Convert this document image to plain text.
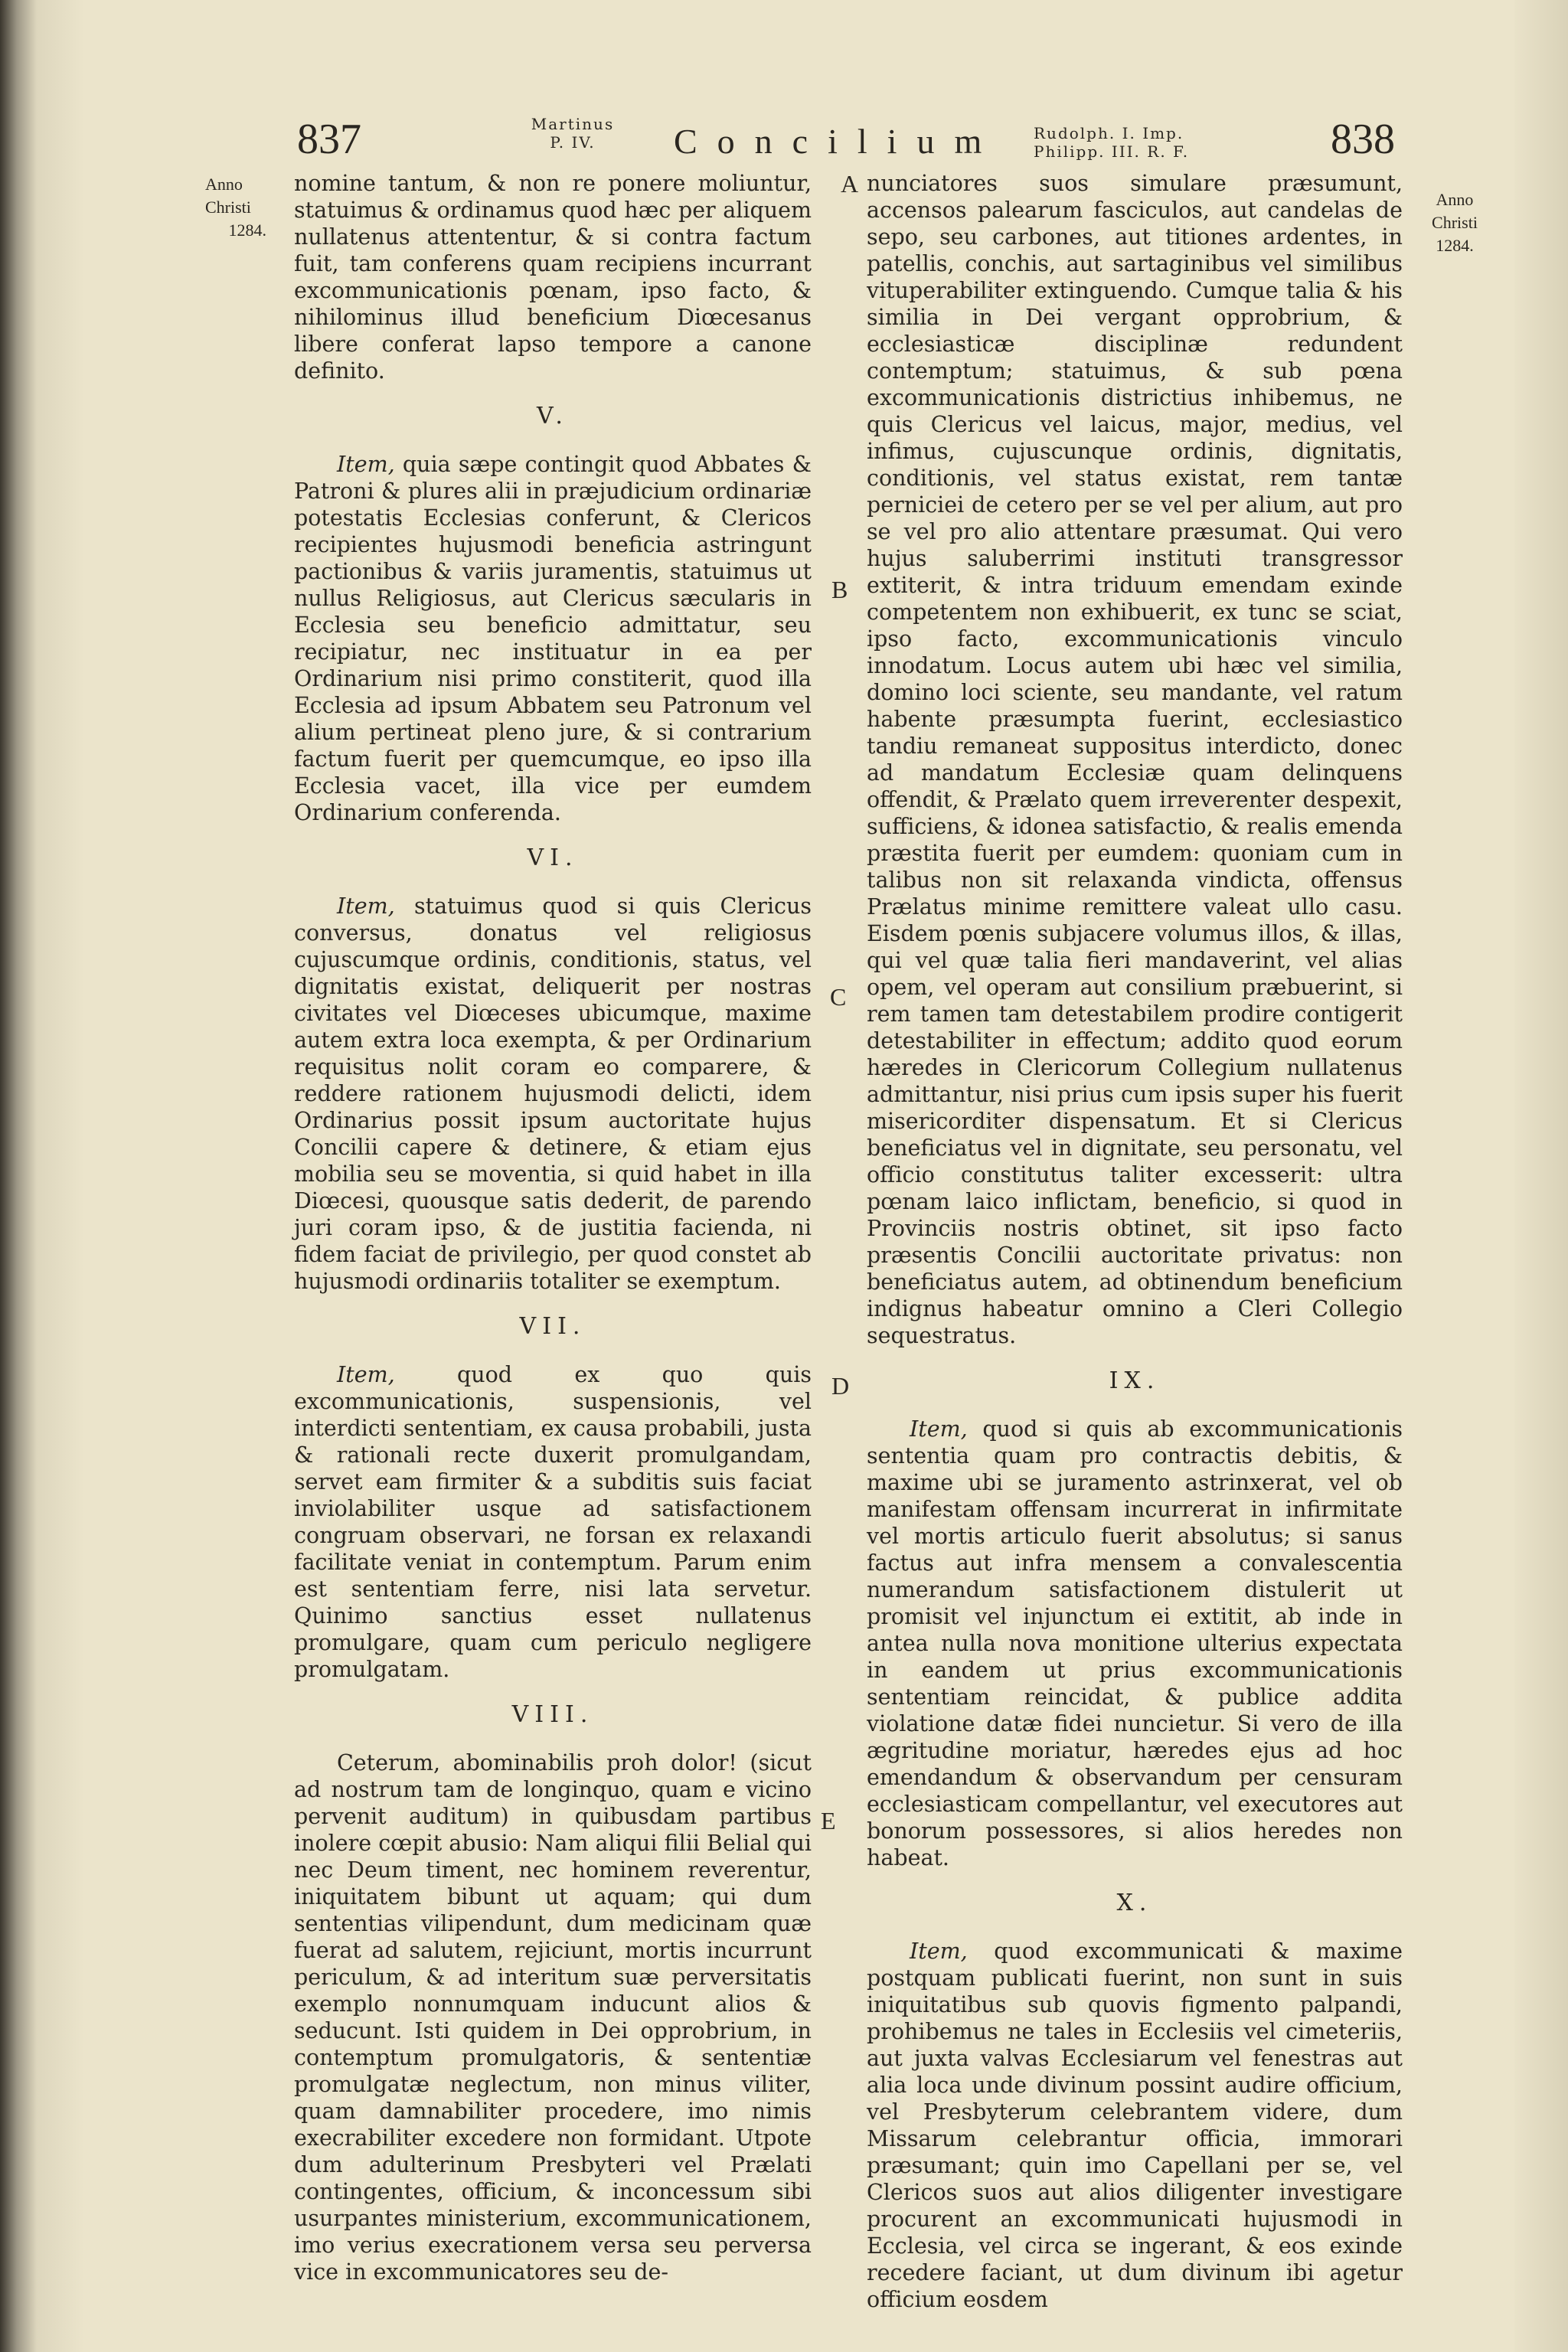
837	Martinus
P. IV.	Concilium Rudolph. I. Imp.
Philipp. III. R. F.	838
Anno
Christi
1284.
Anno
Christi
1284.
A
B
C
D
E

nomine tantum, & non re ponere moliuntur, statuimus & ordinamus quod hæc per aliquem nullatenus attententur, & si contra factum fuit, tam conferens quam recipiens incurrant excommunicationis pœnam, ipso facto, & nihilominus illud beneficium Diœcesanus libere conferat lapso tempore a canone definito.

V.

Item, quia sæpe contingit quod Abbates & Patroni & plures alii in præjudicium ordinariæ potestatis Ecclesias conferunt, & Clericos recipientes hujusmodi beneficia astringunt pactionibus & variis juramentis, statuimus ut nullus Religiosus, aut Clericus sæcularis in Ecclesia seu beneficio admittatur, seu recipiatur, nec instituatur in ea per Ordinarium nisi primo constiterit, quod illa Ecclesia ad ipsum Abbatem seu Patronum vel alium pertineat pleno jure, & si contrarium factum fuerit per quemcumque, eo ipso illa Ecclesia vacet, illa vice per eumdem Ordinarium conferenda.

VI.

Item, statuimus quod si quis Clericus conversus, donatus vel religiosus cujuscumque ordinis, conditionis, status, vel dignitatis existat, deliquerit per nostras civitates vel Diœceses ubicumque, maxime autem extra loca exempta, & per Ordinarium requisitus nolit coram eo comparere, & reddere rationem hujusmodi delicti, idem Ordinarius possit ipsum auctoritate hujus Concilii capere & detinere, & etiam ejus mobilia seu se moventia, si quid habet in illa Diœcesi, quousque satis dederit, de parendo juri coram ipso, & de justitia facienda, ni fidem faciat de privilegio, per quod constet ab hujusmodi ordinariis totaliter se exemptum.

VII.

Item,	quod ex quo quis excommunicationis, suspensionis, vel interdicti sententiam, ex causa probabili, justa & rationali recte duxerit promulgandam, servet eam firmiter & a subditis suis faciat inviolabiliter usque ad satisfactionem congruam observari, ne forsan ex relaxandi facilitate veniat in contemptum. Parum enim est sententiam ferre, nisi lata servetur. Quinimo sanctius esset nullatenus promulgare, quam cum periculo negligere promulgatam.

VIII.

Ceterum, abominabilis proh dolor! (sicut ad nostrum tam de longinquo, quam e vicino pervenit auditum) in quibusdam partibus inolere cœpit abusio: Nam aliqui filii Belial qui nec Deum timent, nec hominem reverentur, iniquitatem bibunt ut aquam; qui dum sententias vilipendunt, dum medicinam quæ fuerat ad salutem, rejiciunt, mortis incurrunt periculum, & ad interitum suæ perversitatis exemplo nonnumquam inducunt alios & seducunt. Isti quidem in Dei opprobrium, in contemptum promulgatoris, & sententiæ promulgatæ neglectum, non minus viliter, quam damnabiliter procedere, imo nimis execrabiliter excedere non formidant. Utpote dum adulterinum Presbyteri vel Prælati contingentes, officium, & inconcessum sibi usurpantes ministerium, excommunicationem, imo verius execrationem versa seu perversa vice in excommunicatores seu de-

nunciatores suos simulare præsumunt, accensos palearum fasciculos, aut candelas de sepo, seu carbones, aut titiones ardentes, in patellis, conchis, aut sartaginibus vel similibus vituperabiliter extinguendo. Cumque talia & his similia in Dei vergant opprobrium, & ecclesiasticæ disciplinæ redundent contemptum; statuimus, & sub pœna excommunicationis districtius inhibemus, ne quis Clericus vel laicus, major, medius, vel infimus, cujuscunque ordinis, dignitatis, conditionis, vel status existat, rem tantæ perniciei de cetero per se vel per alium, aut pro se vel pro alio attentare præsumat. Qui vero hujus saluberrimi instituti transgressor extiterit, & intra triduum emendam exinde competentem non exhibuerit, ex tunc se sciat, ipso facto, excommunicationis vinculo innodatum. Locus autem ubi hæc vel similia, domino loci sciente, seu mandante, vel ratum habente præsumpta fuerint, ecclesiastico tandiu remaneat suppositus interdicto, donec ad mandatum Ecclesiæ quam delinquens offendit, & Prælato quem irreverenter despexit, sufficiens, & idonea satisfactio, & realis emenda præstita fuerit per eumdem: quoniam cum in talibus non sit relaxanda vindicta, offensus Prælatus minime remittere valeat ullo casu. Eisdem pœnis subjacere volumus illos, & illas, qui vel quæ talia fieri mandaverint, vel alias opem, vel operam aut consilium præbuerint, si rem tamen tam detestabilem prodire contigerit detestabiliter in effectum; addito quod eorum hæredes in Clericorum Collegium nullatenus admittantur, nisi prius cum ipsis super his fuerit misericorditer dispensatum. Et si Clericus beneficiatus vel in dignitate, seu personatu, vel officio constitutus taliter excesserit: ultra pœnam laico inflictam, beneficio, si quod in Provinciis nostris obtinet, sit ipso facto præsentis Concilii auctoritate privatus: non beneficiatus autem, ad obtinendum beneficium indignus habeatur omnino a Cleri Collegio sequestratus.

IX.

Item, quod si quis ab excommunicationis sententia quam pro contractis debitis, & maxime ubi se juramento astrinxerat, vel ob manifestam offensam incurrerat in infirmitate vel mortis articulo fuerit absolutus; si sanus factus aut infra mensem a convalescentia numerandum satisfactionem distulerit ut promisit vel injunctum ei extitit, ab inde in antea nulla nova monitione ulterius expectata in eandem ut prius excommunicationis sententiam reincidat, & publice addita violatione datæ fidei nuncietur. Si vero de illa ægritudine moriatur, hæredes ejus ad hoc emendandum & observandum per censuram ecclesiasticam compellantur, vel executores aut bonorum possessores, si alios heredes non habeat.

X.

Item, quod excommunicati & maxime postquam publicati fuerint, non sunt in suis iniquitatibus sub quovis figmento palpandi, prohibemus ne tales in Ecclesiis vel cimeteriis, aut juxta valvas Ecclesiarum vel fenestras aut alia loca unde divinum possint audire officium, vel Presbyterum celebrantem videre, dum Missarum celebrantur officia, immorari præsumant; quin imo Capellani per se, vel Clericos suos aut alios diligenter investigare procurent an excommunicati hujusmodi in Ecclesia, vel circa se ingerant, & eos exinde recedere faciant, ut dum divinum ibi agetur officium eosdem
